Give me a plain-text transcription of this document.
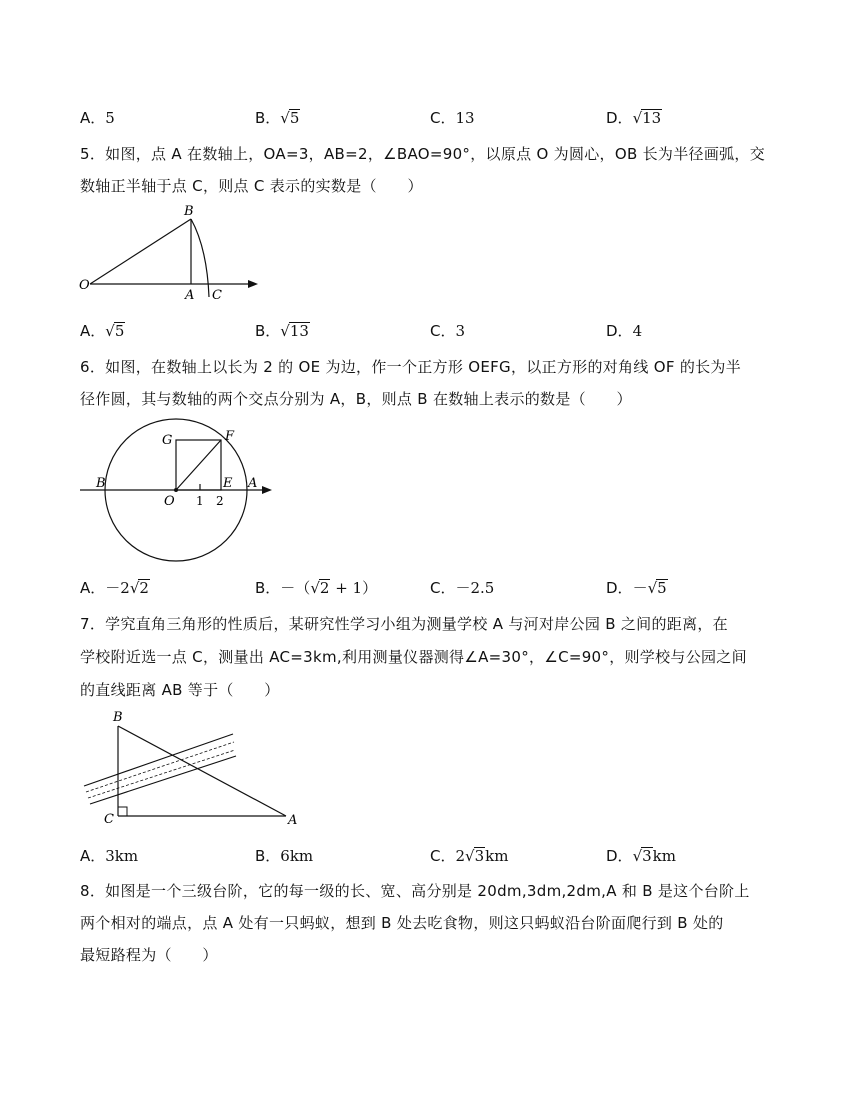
A．5	B．√5	C．13	D．√13
5．如图，点 A 在数轴上，OA=3，AB=2，∠BAO=90°，以原点 O 为圆心，OB 长为半径画弧，交
数轴正半轴于点 C，则点 C 表示的实数是（　　）
O
A
B
C
A．√5	B．√13	C．3	D．4
6．如图，在数轴上以长为 2 的 OE 为边，作一个正方形 OEFG，以正方形的对角线 OF 的长为半
径作圆，其与数轴的两个交点分别为 A，B，则点 B 在数轴上表示的数是（　　）
G	F
B
O 1 2
E A
A．－2√2	B．－（√2 + 1）	C．－2.5	D．－√5
7．学究直角三角形的性质后，某研究性学习小组为测量学校 A 与河对岸公园 B 之间的距离，在
学校附近选一点 C，测量出 AC=3km,利用测量仪器测得∠A=30°，∠C=90°，则学校与公园之间
的直线距离 AB 等于（　　）
B
C	A
A．3km	B．6km	C．2√3km	D．√3km
8．如图是一个三级台阶，它的每一级的长、宽、高分别是 20dm,3dm,2dm,A 和 B 是这个台阶上
两个相对的端点，点 A 处有一只蚂蚁，想到 B 处去吃食物，则这只蚂蚁沿台阶面爬行到 B 处的
最短路程为（　　）
